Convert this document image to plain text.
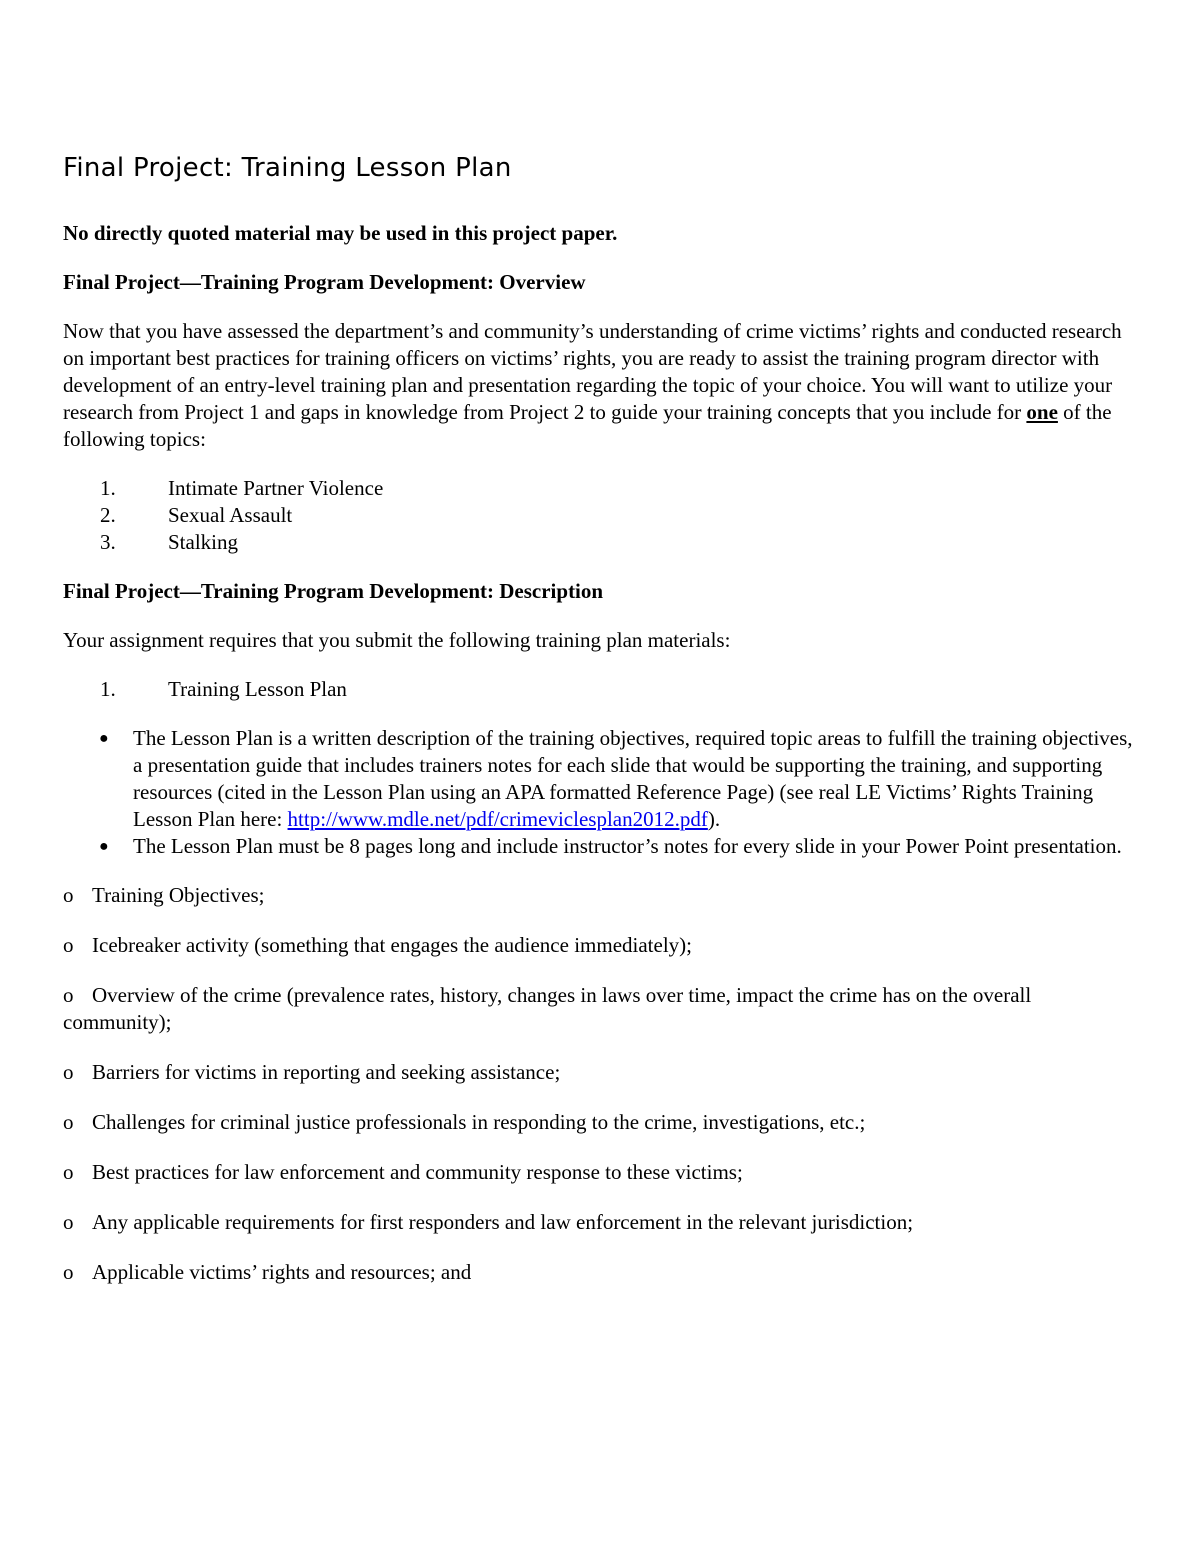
Final Project: Training Lesson Plan

No directly quoted material may be used in this project paper.

Final Project—Training Program Development: Overview

Now that you have assessed the department’s and community’s understanding of crime victims’ rights and conducted research on important best practices for training officers on victims’ rights, you are ready to assist the training program director with development of an entry-level training plan and presentation regarding the topic of your choice. You will want to utilize your research from Project 1 and gaps in knowledge from Project 2 to guide your training concepts that you include for one of the following topics:

1.	Intimate Partner Violence
2.	Sexual Assault
3.	Stalking

Final Project—Training Program Development: Description

Your assignment requires that you submit the following training plan materials:

1.	Training Lesson Plan
●	The Lesson Plan is a written description of the training objectives, required topic areas to fulfill the training objectives, a presentation guide that includes trainers notes for each slide that would be supporting the training, and supporting resources (cited in the Lesson Plan using an APA formatted Reference Page) (see real LE Victims’ Rights Training Lesson Plan here: http://www.mdle.net/pdf/crimeviclesplan2012.pdf).
●	The Lesson Plan must be 8 pages long and include instructor’s notes for every slide in your Power Point presentation.

o Training Objectives;

o Icebreaker activity (something that engages the audience immediately);

o Overview of the crime (prevalence rates, history, changes in laws over time, impact the crime has on the overall community);

o Barriers for victims in reporting and seeking assistance;

o Challenges for criminal justice professionals in responding to the crime, investigations, etc.;

o Best practices for law enforcement and community response to these victims;

o Any applicable requirements for first responders and law enforcement in the relevant jurisdiction;

o Applicable victims’ rights and resources; and
